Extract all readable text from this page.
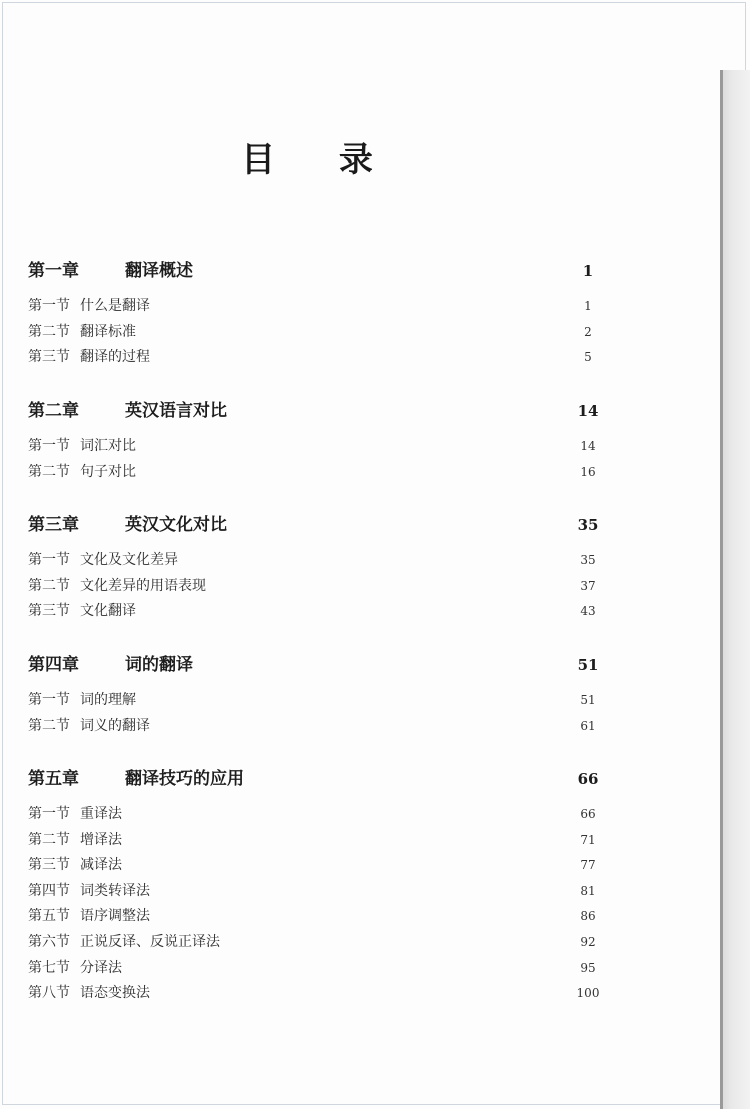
目 录
第一章	翻译概述	1
第一节 什么是翻译	1
第二节 翻译标准	2
第三节 翻译的过程	5
第二章	英汉语言对比	14
第一节 词汇对比	14
第二节 句子对比	16
第三章	英汉文化对比	35
第一节 文化及文化差异	35
第二节 文化差异的用语表现	37
第三节 文化翻译	43
第四章	词的翻译	51
第一节 词的理解	51
第二节 词义的翻译	61
第五章	翻译技巧的应用	66
第一节 重译法	66
第二节 增译法	71
第三节 减译法	77
第四节 词类转译法	81
第五节 语序调整法	86
第六节 正说反译、反说正译法	92
第七节 分译法	95
第八节 语态变换法	100
